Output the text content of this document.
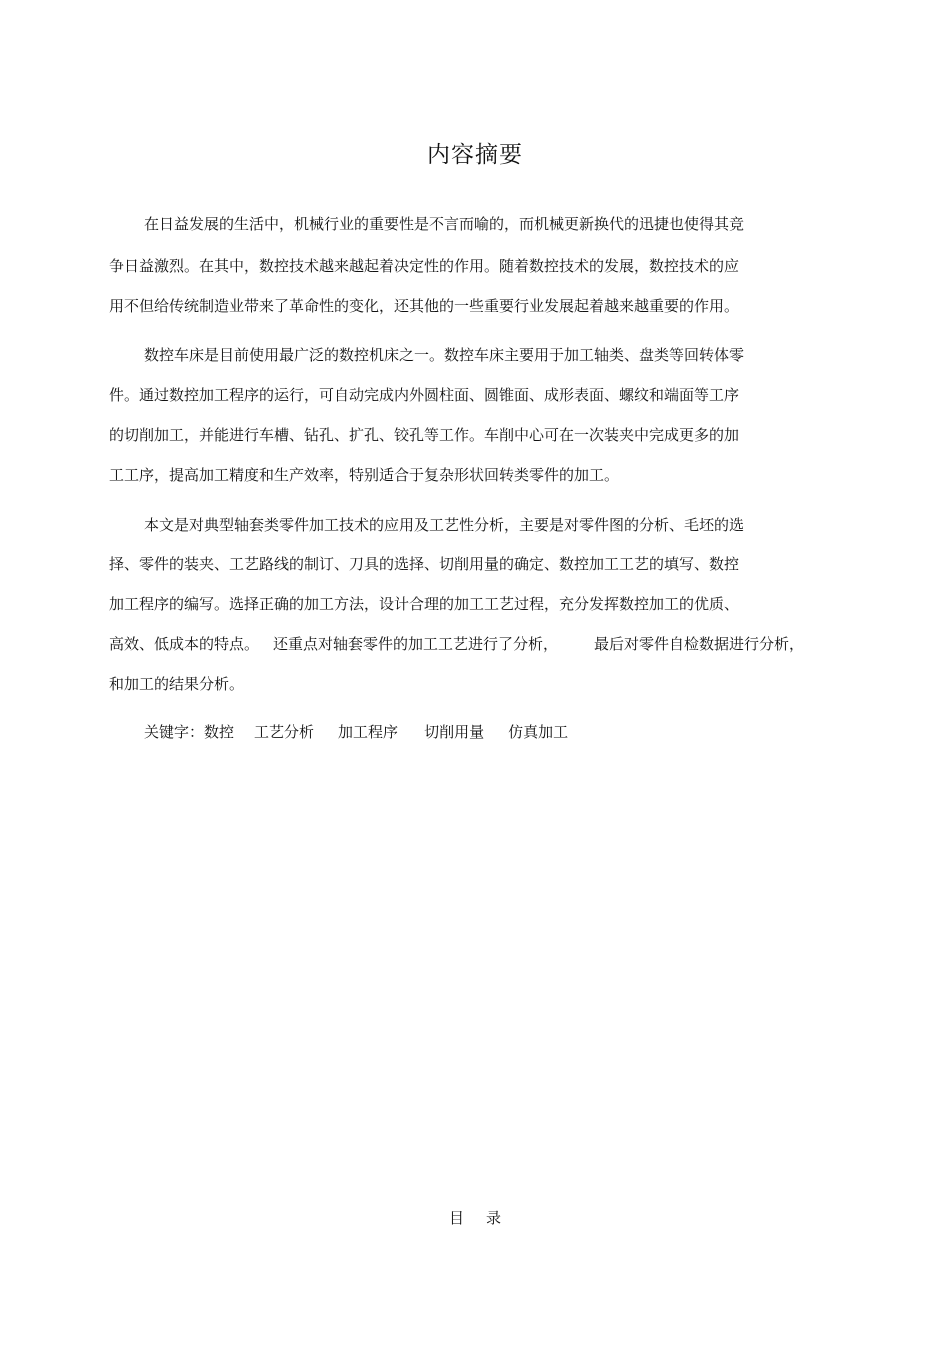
内容摘要

在日益发展的生活中，机械行业的重要性是不言而喻的，而机械更新换代的迅捷也使得其竞

争日益激烈。在其中，数控技术越来越起着决定性的作用。随着数控技术的发展，数控技术的应

用不但给传统制造业带来了革命性的变化，还其他的一些重要行业发展起着越来越重要的作用。

数控车床是目前使用最广泛的数控机床之一。数控车床主要用于加工轴类、盘类等回转体零

件。通过数控加工程序的运行，可自动完成内外圆柱面、圆锥面、成形表面、螺纹和端面等工序

的切削加工，并能进行车槽、钻孔、扩孔、铰孔等工作。车削中心可在一次装夹中完成更多的加

工工序，提高加工精度和生产效率，特别适合于复杂形状回转类零件的加工。

本文是对典型轴套类零件加工技术的应用及工艺性分析，主要是对零件图的分析、毛坯的选

择、零件的装夹、工艺路线的制订、刀具的选择、切削用量的确定、数控加工工艺的填写、数控

加工程序的编写。选择正确的加工方法，设计合理的加工工艺过程，充分发挥数控加工的优质、

高效、低成本的特点。 还重点对轴套零件的加工工艺进行了分析， 最后对零件自检数据进行分析，

和加工的结果分析。

关键字：数控 工艺分析 加工程序 切削用量 仿真加工

目 录
